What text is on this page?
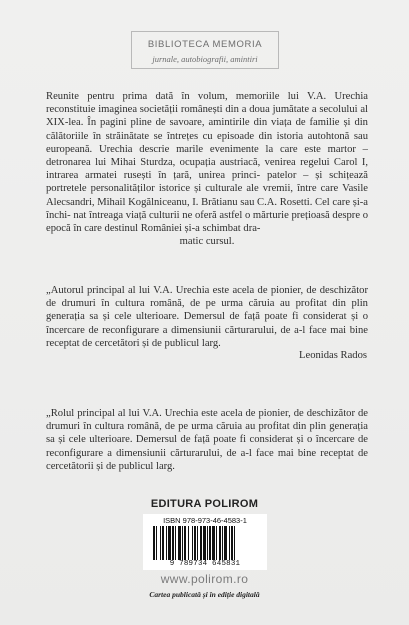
BIBLIOTECA MEMORIA
jurnale, autobiografii, amintiri

Reunite pentru prima dată în volum, memoriile lui V.A. Urechia reconstituie imaginea societății românești din a doua jumătate a secolului al XIX-lea. În pagini pline de savoare, amintirile din viața de familie și din călătoriile în străinătate se întrețes cu episoade din istoria autohtonă sau europeană. Urechia descrie marile evenimente la care este martor – detronarea lui Mihai Sturdza, ocupația austriacă, venirea regelui Carol I, intrarea armatei rusești în țară, unirea princi- patelor – și schițează portretele personalităților istorice și culturale ale vremii, între care Vasile Alecsandri, Mihail Kogălniceanu, I. Brătianu sau C.A. Rosetti. Cel care și-a închi- nat întreaga viață culturii ne oferă astfel o mărturie prețioasă despre o epocă în care destinul României și-a schimbat dra-

matic cursul.

„Autorul principal al lui V.A. Urechia este acela de pionier, de deschizător de drumuri în cultura română, de pe urma căruia au profitat din plin generația sa și cele ulterioare. Demersul de față poate fi considerat și o încercare de reconfigurare a dimensiunii cărturarului, de a-l face mai bine receptat de cercetători și de publicul larg.

Leonidas Rados

„Rolul principal al lui V.A. Urechia este acela de pionier, de deschizător de drumuri în cultura română, de pe urma căruia au profitat din plin generația sa și cele ulterioare. Demersul de față poate fi considerat și o încercare de reconfigurare a dimensiunii cărturarului, de a-l face mai bine receptat de cercetătorii și de publicul larg.

EDITURA POLIROM
ISBN 978-973-46-4583-1
9 789734 645831
www.polirom.ro
Cartea publicată și în ediție digitală
